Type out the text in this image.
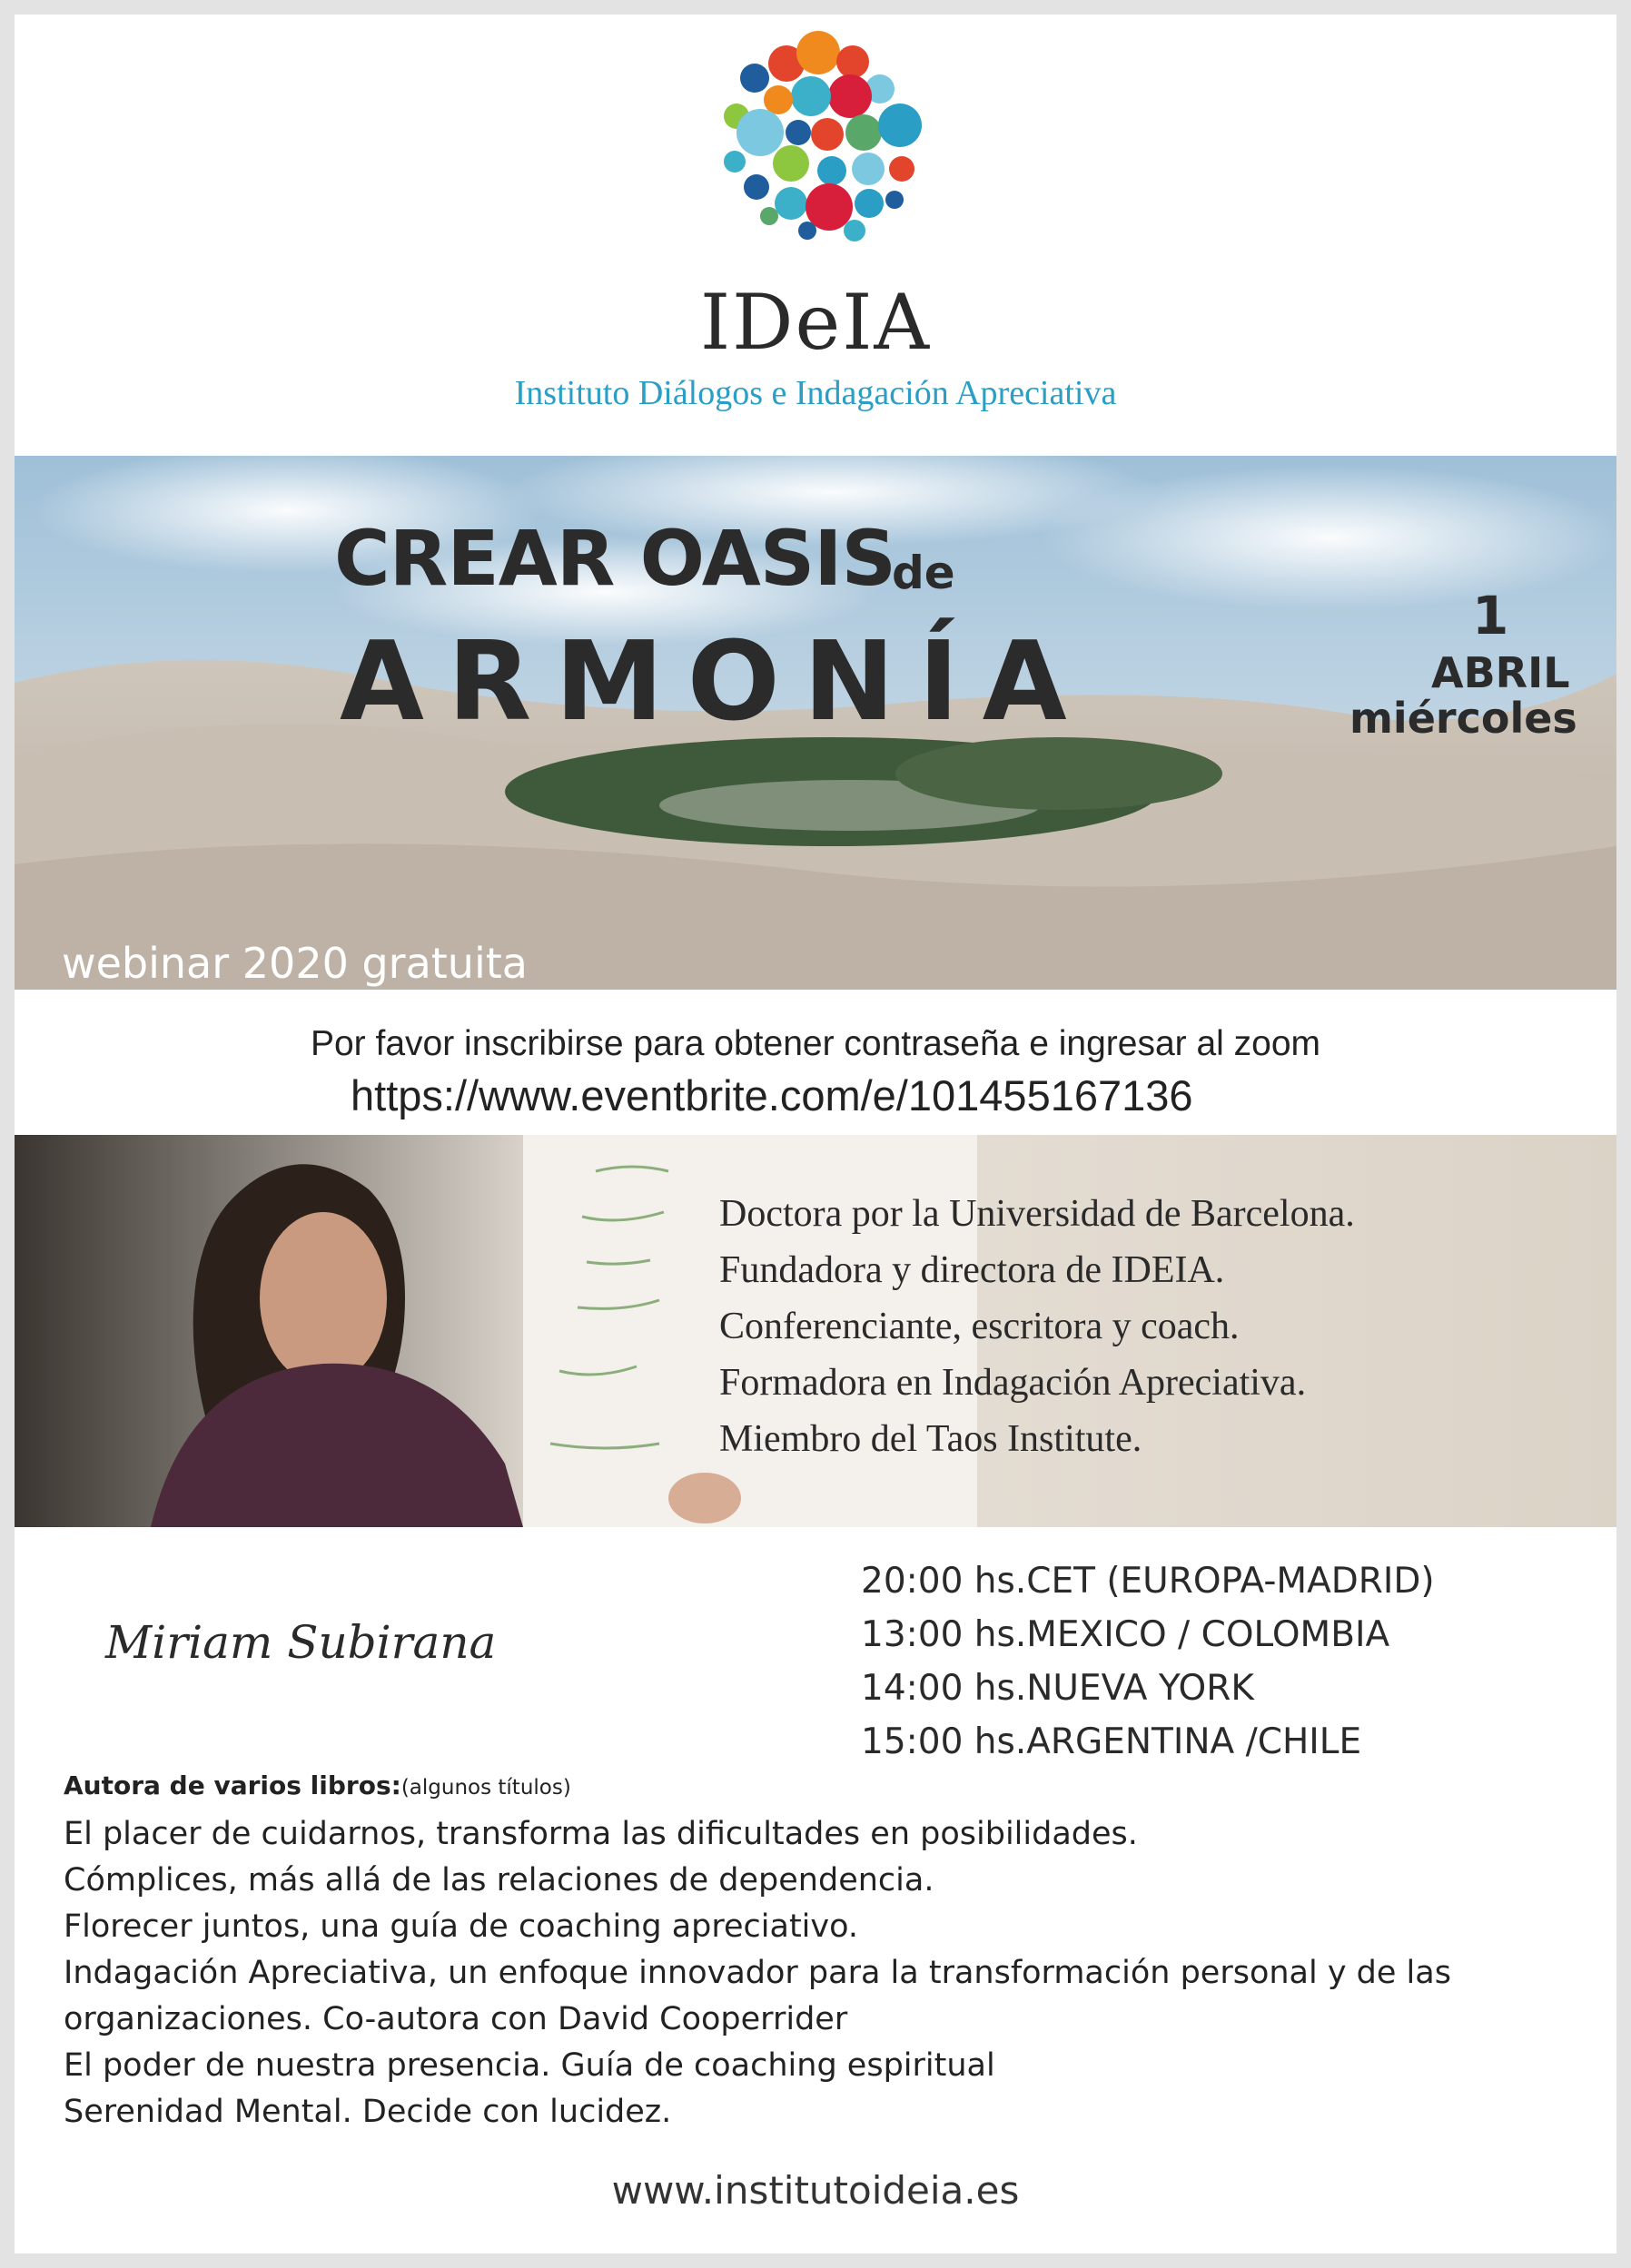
IDeIA
Instituto Diálogos e Indagación Apreciativa
CREAR OASIS
de
ARMONÍA
1
ABRIL
miércoles
webinar 2020 gratuita
Por favor inscribirse para obtener contraseña e ingresar al zoom
https://www.eventbrite.com/e/101455167136
Doctora por la Universidad de Barcelona.
Fundadora y directora de IDEIA.
Conferenciante, escritora y coach.
Formadora en Indagación Apreciativa.
Miembro del Taos Institute.
Miriam Subirana
20:00 hs.CET (EUROPA-MADRID)
13:00 hs.MEXICO / COLOMBIA
14:00 hs.NUEVA YORK
15:00 hs.ARGENTINA /CHILE
Autora de varios libros:(algunos títulos)
El placer de cuidarnos, transforma las dificultades en posibilidades.
Cómplices, más allá de las relaciones de dependencia.
Florecer juntos, una guía de coaching apreciativo.
Indagación Apreciativa, un enfoque innovador para la transformación personal y de las
organizaciones. Co-autora con David Cooperrider
El poder de nuestra presencia. Guía de coaching espiritual
Serenidad Mental. Decide con lucidez.
www.institutoideia.es
